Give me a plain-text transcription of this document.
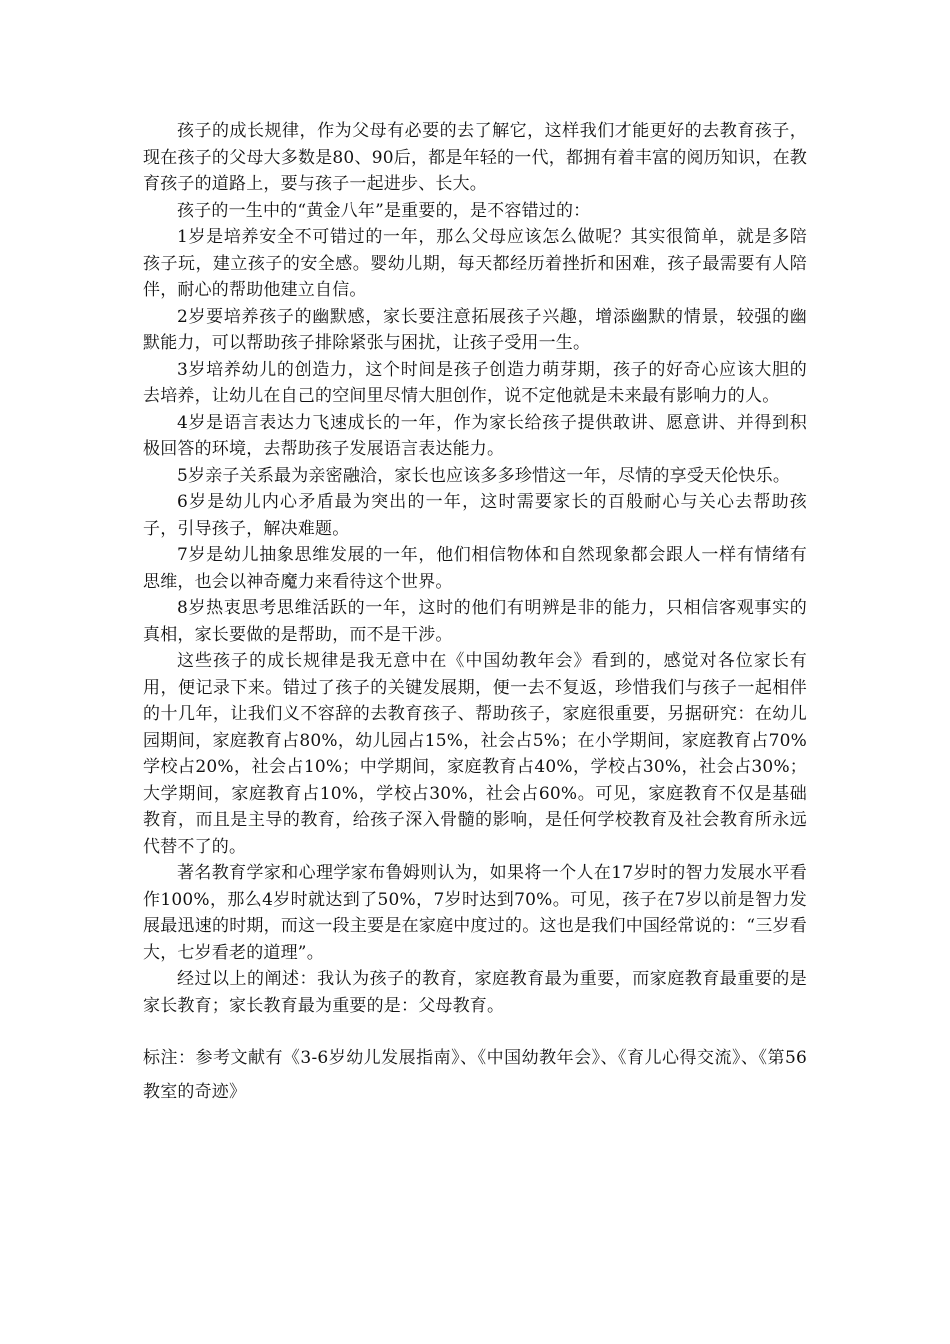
孩子的成长规律，作为父母有必要的去了解它，这样我们才能更好的去教育孩子，现在孩子的父母大多数是80、90后，都是年轻的一代，都拥有着丰富的阅历知识，在教育孩子的道路上，要与孩子一起进步、长大。

孩子的一生中的“黄金八年”是重要的，是不容错过的：

1岁是培养安全不可错过的一年，那么父母应该怎么做呢？其实很简单，就是多陪孩子玩，建立孩子的安全感。婴幼儿期，每天都经历着挫折和困难，孩子最需要有人陪伴，耐心的帮助他建立自信。

2岁要培养孩子的幽默感，家长要注意拓展孩子兴趣，增添幽默的情景，较强的幽默能力，可以帮助孩子排除紧张与困扰，让孩子受用一生。

3岁培养幼儿的创造力，这个时间是孩子创造力萌芽期，孩子的好奇心应该大胆的去培养，让幼儿在自己的空间里尽情大胆创作，说不定他就是未来最有影响力的人。

4岁是语言表达力飞速成长的一年，作为家长给孩子提供敢讲、愿意讲、并得到积极回答的环境，去帮助孩子发展语言表达能力。

5岁亲子关系最为亲密融洽，家长也应该多多珍惜这一年，尽情的享受天伦快乐。

6岁是幼儿内心矛盾最为突出的一年，这时需要家长的百般耐心与关心去帮助孩子，引导孩子，解决难题。

7岁是幼儿抽象思维发展的一年，他们相信物体和自然现象都会跟人一样有情绪有思维，也会以神奇魔力来看待这个世界。

8岁热衷思考思维活跃的一年，这时的他们有明辨是非的能力，只相信客观事实的真相，家长要做的是帮助，而不是干涉。

这些孩子的成长规律是我无意中在《中国幼教年会》看到的，感觉对各位家长有用，便记录下来。错过了孩子的关键发展期，便一去不复返，珍惜我们与孩子一起相伴的十几年，让我们义不容辞的去教育孩子、帮助孩子，家庭很重要，另据研究：在幼儿园期间，家庭教育占80%，幼儿园占15%，社会占5%；在小学期间，家庭教育占70%学校占20%，社会占10%；中学期间，家庭教育占40%，学校占30%，社会占30%；大学期间，家庭教育占10%，学校占30%，社会占60%。可见，家庭教育不仅是基础教育，而且是主导的教育，给孩子深入骨髓的影响，是任何学校教育及社会教育所永远代替不了的。

著名教育学家和心理学家布鲁姆则认为，如果将一个人在17岁时的智力发展水平看作100%，那么4岁时就达到了50%，7岁时达到70%。可见，孩子在7岁以前是智力发展最迅速的时期，而这一段主要是在家庭中度过的。这也是我们中国经常说的：“三岁看大，七岁看老的道理”。

经过以上的阐述：我认为孩子的教育，家庭教育最为重要，而家庭教育最重要的是家长教育；家长教育最为重要的是：父母教育。

标注：参考文献有《3-6岁幼儿发展指南》、《中国幼教年会》、《育儿心得交流》、《第56教室的奇迹》
